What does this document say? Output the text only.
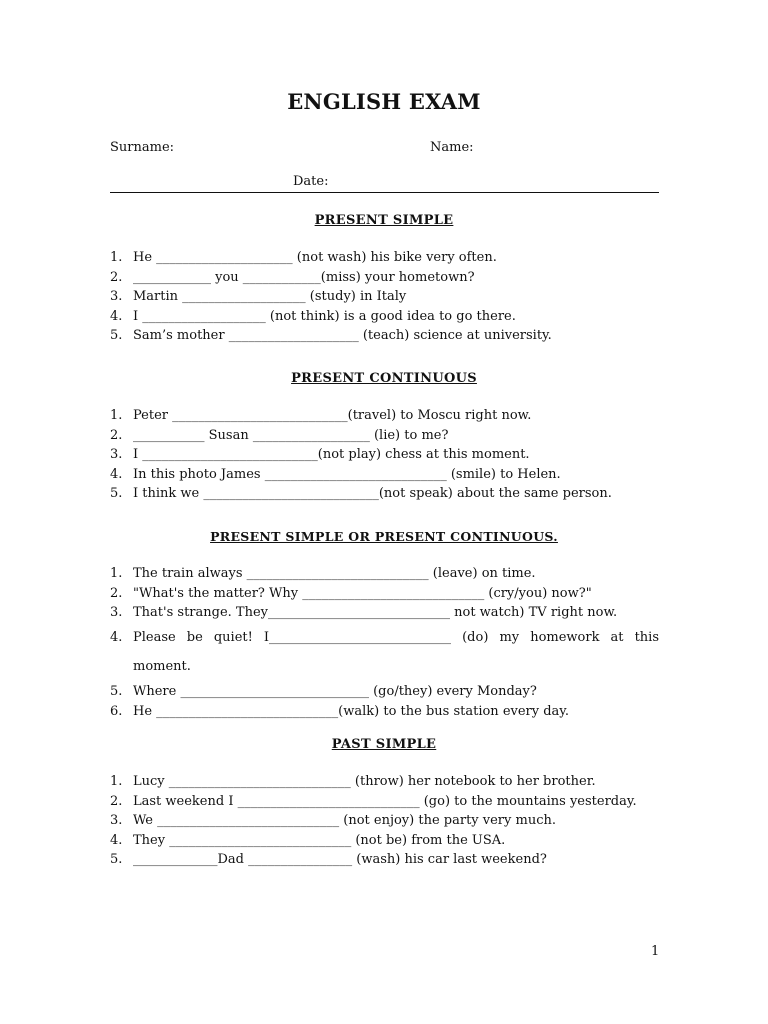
ENGLISH EXAM
Surname:	Name:
Date:
PRESENT SIMPLE
1. He _____________________ (not wash) his bike very often.
2. ____________ you ____________(miss) your hometown?
3. Martin ___________________ (study) in Italy
4. I ___________________ (not think) is a good idea to go there.
5. Sam’s mother ____________________ (teach) science at university.
PRESENT CONTINUOUS
1. Peter ___________________________(travel) to Moscu right now.
2. ___________ Susan __________________ (lie) to me?
3. I ___________________________(not play) chess at this moment.
4. In this photo James ____________________________ (smile) to Helen.
5. I think we ___________________________(not speak) about the same person.
PRESENT SIMPLE OR PRESENT CONTINUOUS.
1. The train always ____________________________ (leave) on time.
2. "What's the matter? Why ____________________________ (cry/you) now?"
3. That's strange. They____________________________ not watch) TV right now.
4. Please be quiet! I____________________________ (do) my homework at this moment.
5. Where _____________________________ (go/they) every Monday?
6. He ____________________________(walk) to the bus station every day.
PAST SIMPLE
1. Lucy ____________________________ (throw) her notebook to her brother.
2. Last weekend I ____________________________ (go) to the mountains yesterday.
3. We ____________________________ (not enjoy) the party very much.
4. They ____________________________ (not be) from the USA.
5. _____________Dad ________________ (wash) his car last weekend?
1
